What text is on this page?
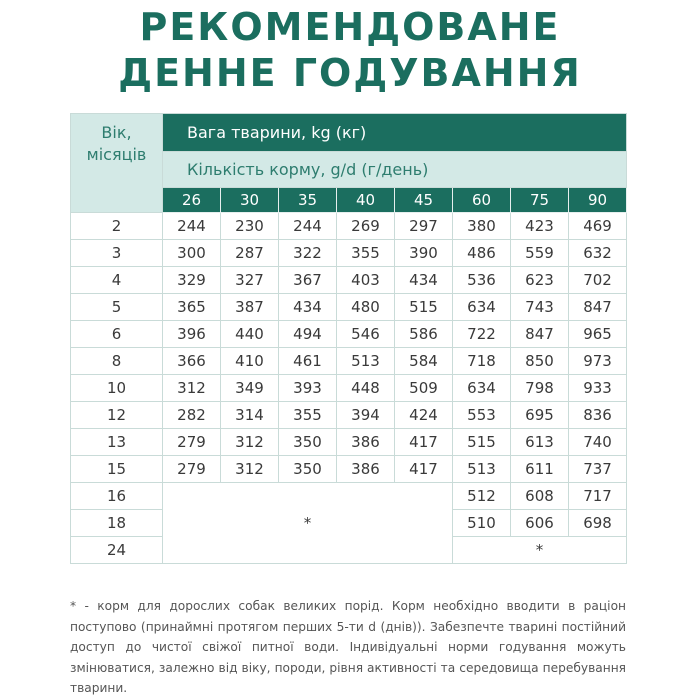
РЕКОМЕНДОВАНЕ
ДЕННЕ ГОДУВАННЯ
Вік,
місяців	Вага тварини, kg (кг)							
	Кількість корму, g/d (г/день)							
	26	30	35	40	45	60	75	90
2	244	230	244	269	297	380	423	469
3	300	287	322	355	390	486	559	632
4	329	327	367	403	434	536	623	702
5	365	387	434	480	515	634	743	847
6	396	440	494	546	586	722	847	965
8	366	410	461	513	584	718	850	973
10	312	349	393	448	509	634	798	933
12	282	314	355	394	424	553	695	836
13	279	312	350	386	417	515	613	740
15	279	312	350	386	417	513	611	737
16	*					512	608	717
18						510	606	698
24						*		
* - корм для дорослих собак великих порід. Корм необхідно вводити в раціон поступово (принаймні протягом перших 5-ти d (днів)). Забезпечте тварині постійний доступ до чистої свіжої питної води. Індивідуальні норми годування можуть змінюватися, залежно від віку, породи, рівня активності та середовища перебування тварини.
